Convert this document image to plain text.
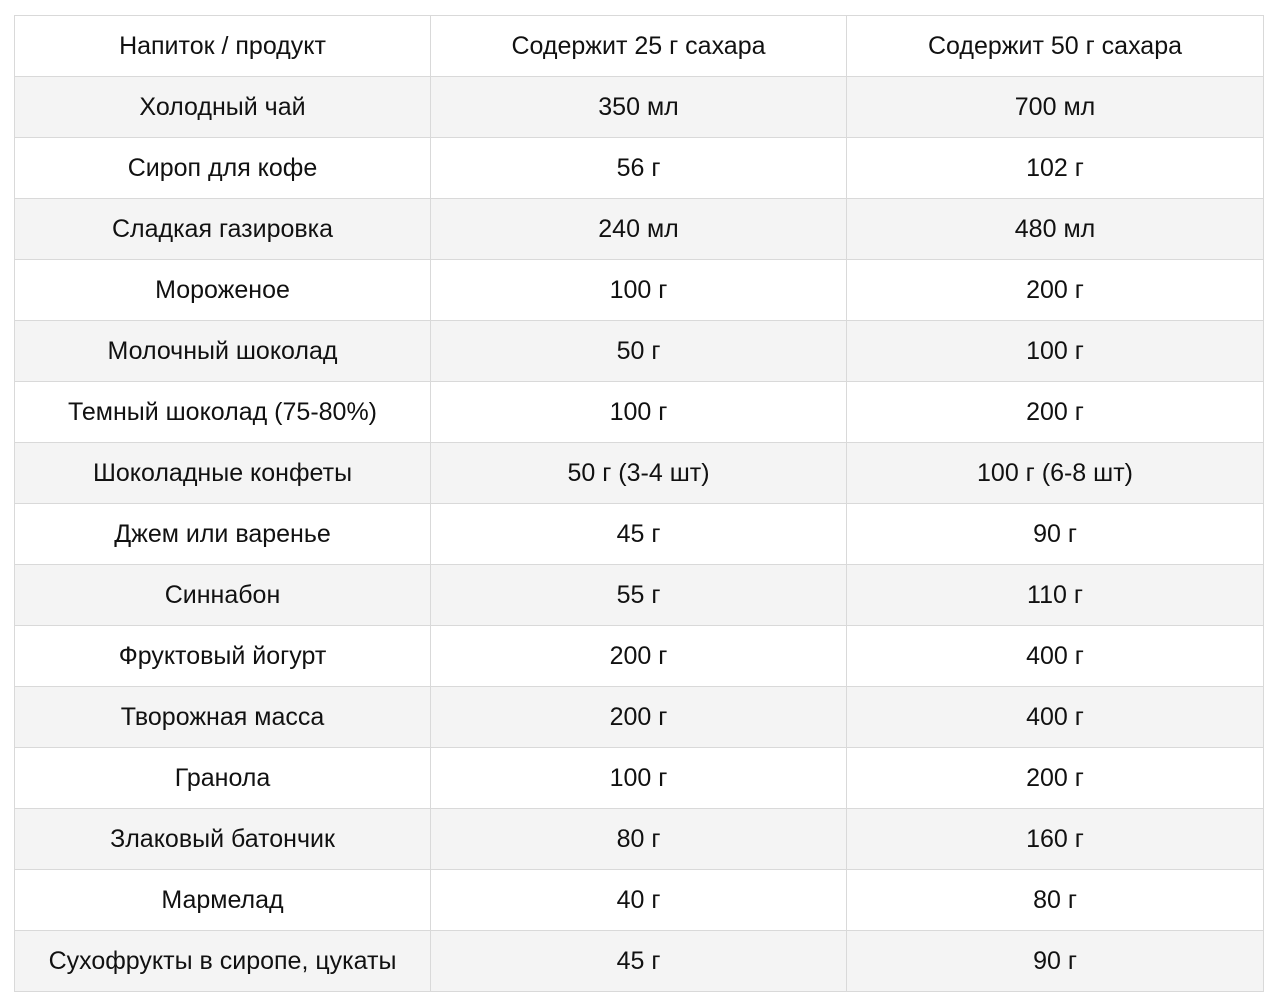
Напиток / продукт	Содержит 25 г сахара	Содержит 50 г сахара
Холодный чай	350 мл	700 мл
Сироп для кофе	56 г	102 г
Сладкая газировка	240 мл	480 мл
Мороженое	100 г	200 г
Молочный шоколад	50 г	100 г
Темный шоколад (75-80%)	100 г	200 г
Шоколадные конфеты	50 г (3-4 шт)	100 г (6-8 шт)
Джем или варенье	45 г	90 г
Синнабон	55 г	110 г
Фруктовый йогурт	200 г	400 г
Творожная масса	200 г	400 г
Гранола	100 г	200 г
Злаковый батончик	80 г	160 г
Мармелад	40 г	80 г
Сухофрукты в сиропе, цукаты	45 г	90 г
